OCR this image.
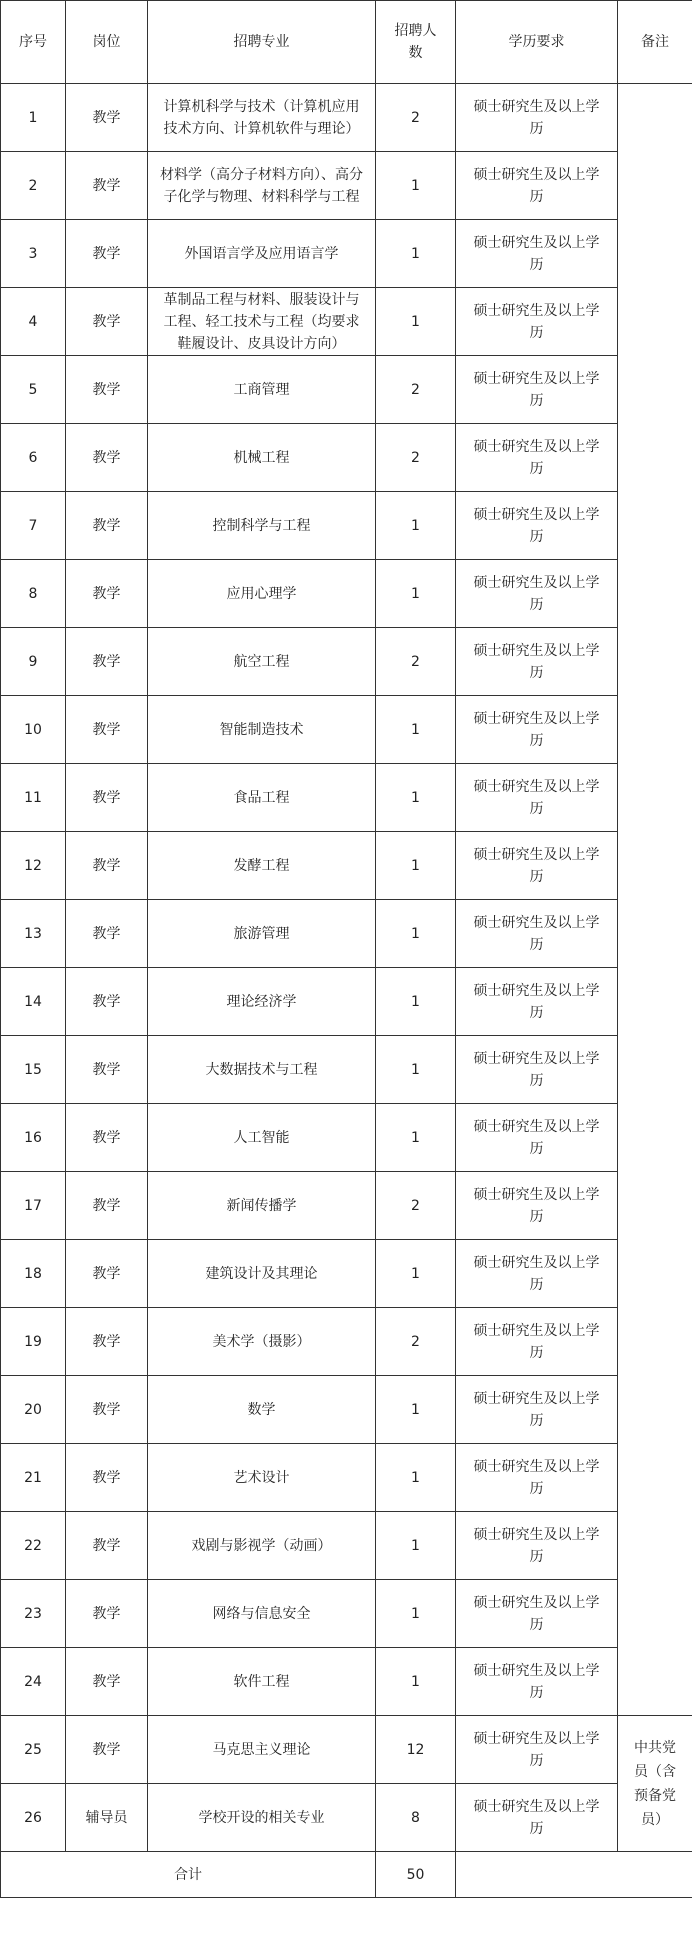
序号	岗位	招聘专业	招聘人数	学历要求	备注
1	教学	计算机科学与技术（计算机应用技术方向、计算机软件与理论）	2	硕士研究生及以上学历	
2	教学	材料学（高分子材料方向）、高分子化学与物理、材料科学与工程	1	硕士研究生及以上学历	
3	教学	外国语言学及应用语言学	1	硕士研究生及以上学历	
4	教学	革制品工程与材料、服装设计与工程、轻工技术与工程（均要求鞋履设计、皮具设计方向）	1	硕士研究生及以上学历	
5	教学	工商管理	2	硕士研究生及以上学历	
6	教学	机械工程	2	硕士研究生及以上学历	
7	教学	控制科学与工程	1	硕士研究生及以上学历	
8	教学	应用心理学	1	硕士研究生及以上学历	
9	教学	航空工程	2	硕士研究生及以上学历	
10	教学	智能制造技术	1	硕士研究生及以上学历	
11	教学	食品工程	1	硕士研究生及以上学历	
12	教学	发酵工程	1	硕士研究生及以上学历	
13	教学	旅游管理	1	硕士研究生及以上学历	
14	教学	理论经济学	1	硕士研究生及以上学历	
15	教学	大数据技术与工程	1	硕士研究生及以上学历	
16	教学	人工智能	1	硕士研究生及以上学历	
17	教学	新闻传播学	2	硕士研究生及以上学历	
18	教学	建筑设计及其理论	1	硕士研究生及以上学历	
19	教学	美术学（摄影）	2	硕士研究生及以上学历	
20	教学	数学	1	硕士研究生及以上学历	
21	教学	艺术设计	1	硕士研究生及以上学历	
22	教学	戏剧与影视学（动画）	1	硕士研究生及以上学历	
23	教学	网络与信息安全	1	硕士研究生及以上学历	
24	教学	软件工程	1	硕士研究生及以上学历	
25	教学	马克思主义理论	12	硕士研究生及以上学历	中共党员（含预备党员）
26	辅导员	学校开设的相关专业	8	硕士研究生及以上学历	
合计			50		
